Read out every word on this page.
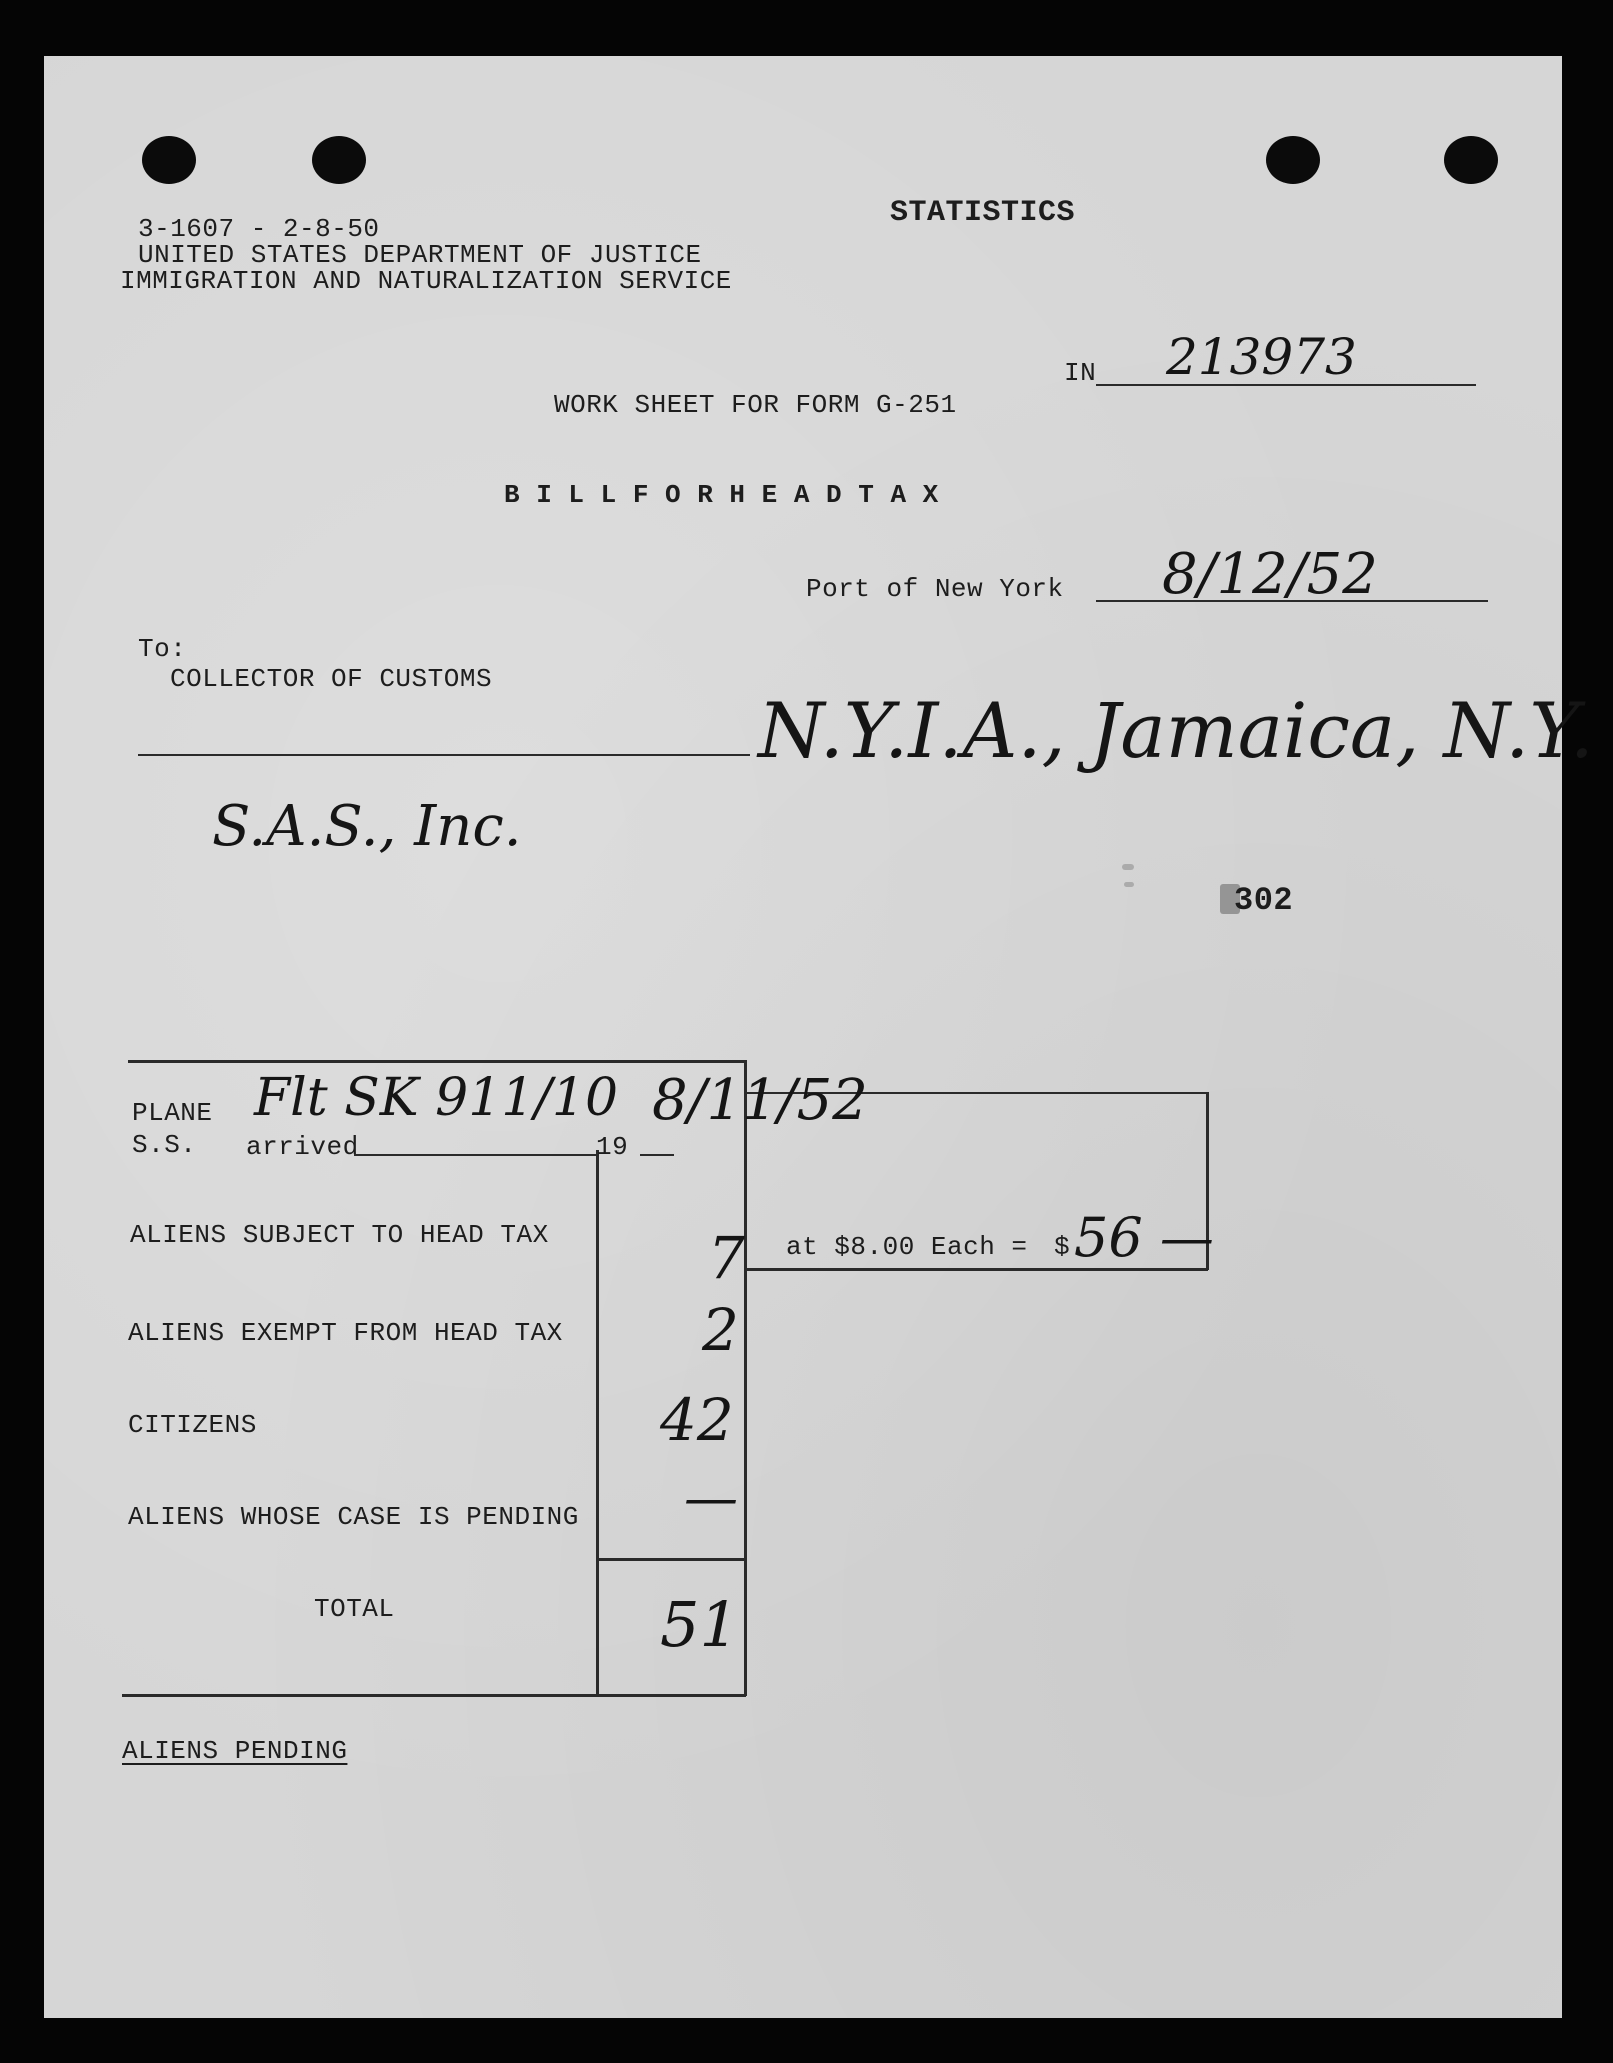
3-1607 - 2-8-50
UNITED STATES DEPARTMENT OF JUSTICE
IMMIGRATION AND NATURALIZATION SERVICE
STATISTICS
IN 213973
WORK SHEET FOR FORM G-251
B I L L F O R H E A D T A X
Port of New York 8/12/52
To:
COLLECTOR OF CUSTOMS
N.Y.I.A., Jamaica, N.Y.
S.A.S., Inc.
302
PLANE
S.S. arrived
Flt SK 911/10
19
8/11/52
ALIENS SUBJECT TO HEAD TAX	7 at $8.00 Each = $ 56 —
ALIENS EXEMPT FROM HEAD TAX 2
CITIZENS	42
ALIENS WHOSE CASE IS PENDING —
TOTAL	51
ALIENS PENDING
